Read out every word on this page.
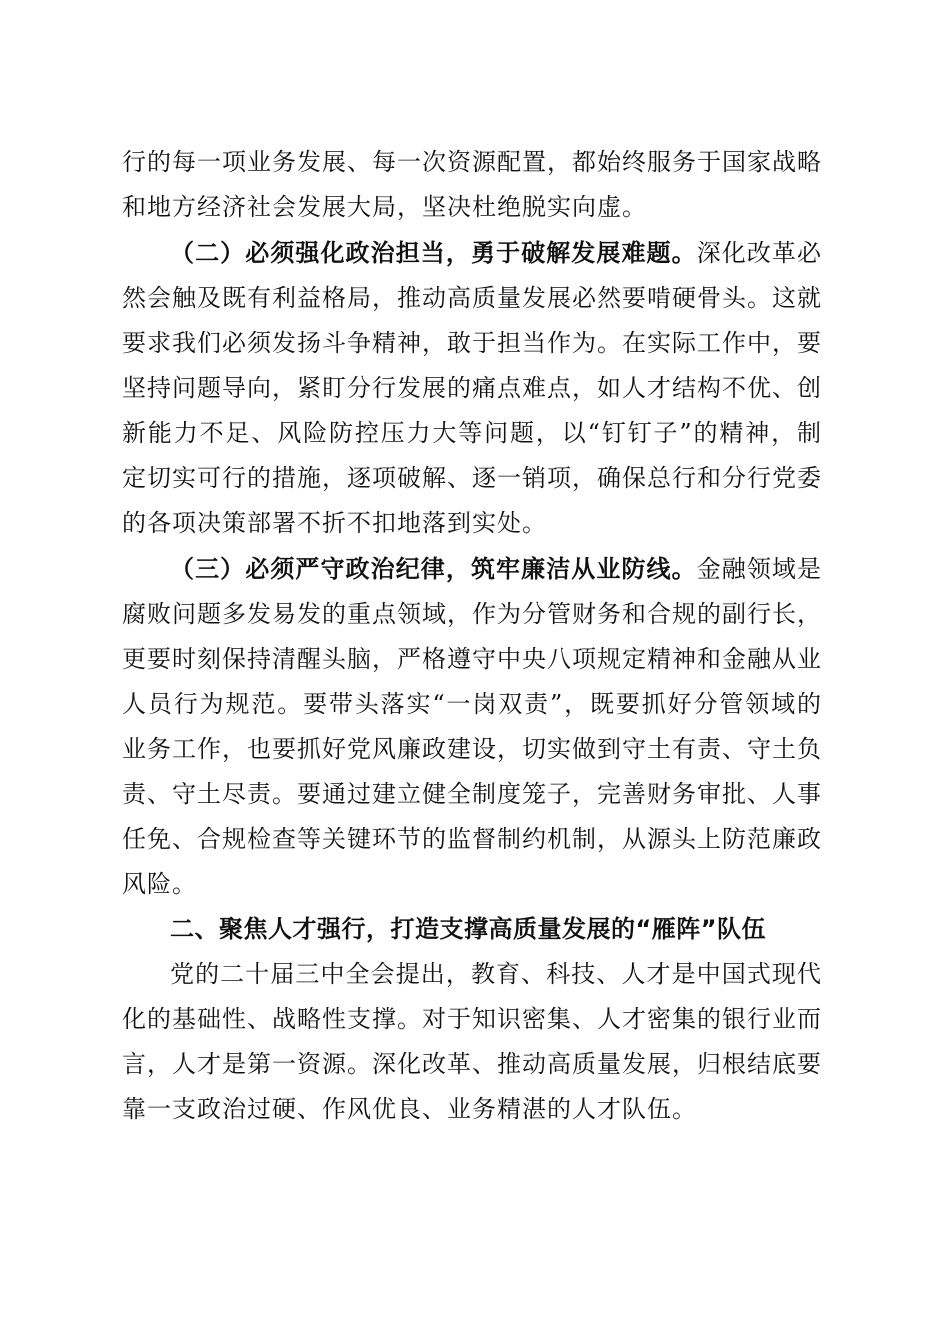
行的每一项业务发展、每一次资源配置，都始终服务于国家战略和地方经济社会发展大局，坚决杜绝脱实向虚。

（二）必须强化政治担当，勇于破解发展难题。深化改革必然会触及既有利益格局，推动高质量发展必然要啃硬骨头。这就要求我们必须发扬斗争精神，敢于担当作为。在实际工作中，要坚持问题导向，紧盯分行发展的痛点难点，如人才结构不优、创新能力不足、风险防控压力大等问题，以“钉钉子”的精神，制定切实可行的措施，逐项破解、逐一销项，确保总行和分行党委的各项决策部署不折不扣地落到实处。

（三）必须严守政治纪律，筑牢廉洁从业防线。金融领域是腐败问题多发易发的重点领域，作为分管财务和合规的副行长，更要时刻保持清醒头脑，严格遵守中央八项规定精神和金融从业人员行为规范。要带头落实“一岗双责”，既要抓好分管领域的业务工作，也要抓好党风廉政建设，切实做到守土有责、守土负责、守土尽责。要通过建立健全制度笼子，完善财务审批、人事任免、合规检查等关键环节的监督制约机制，从源头上防范廉政风险。

二、聚焦人才强行，打造支撑高质量发展的“雁阵”队伍

党的二十届三中全会提出，教育、科技、人才是中国式现代化的基础性、战略性支撑。对于知识密集、人才密集的银行业而言，人才是第一资源。深化改革、推动高质量发展，归根结底要靠一支政治过硬、作风优良、业务精湛的人才队伍。
